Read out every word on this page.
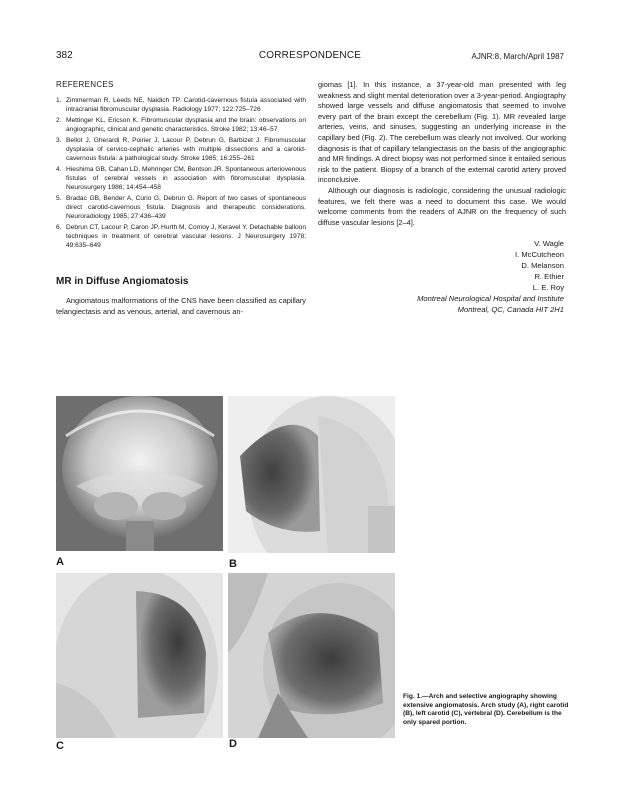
382	CORRESPONDENCE	AJNR:8, March/April 1987
REFERENCES
1. Zimmerman R, Leeds NE, Naidich TP. Carotid-cavernous fistula associated with intracranial fibromuscular dysplasia. Radiology 1977; 122:725–726
2. Mettinger KL, Ericson K. Fibromuscular dysplasia and the brain: observations on angiographic, clinical and genetic characteristics. Stroke 1982; 13:46–57
3. Bellot J, Gherardi R, Poirier J, Lacour P, Debrun G, Barbizet J. Fibromuscular dysplasia of cervico-cephalic arteries with multiple dissections and a carotid-cavernous fistula: a pathological study. Stroke 1985; 16:255–261
4. Hieshima GB, Cahan LD, Mehringer CM, Bentson JR. Spontaneous arteriovenous fistulas of cerebral vessels in association with fibromuscular dysplasia. Neurosurgery 1986; 14:454–458
5. Bradac GB, Bender A, Curio G, Debrun G. Report of two cases of spontaneous direct carotid-cavernous fistula. Diagnosis and therapeutic considerations. Neuroradiology 1985; 27:436–439
6. Debrun CT, Lacour P, Caron JP, Hurth M, Comoy J, Keravel Y. Detachable balloon techniques in treatment of cerebral vascular lesions. J Neurosurgery 1978; 49:635–649
MR in Diffuse Angiomatosis

Angiomatous malformations of the CNS have been classified as capillary telangiectasis and as venous, arterial, and cavernous an-

giomas [1]. In this instance, a 37-year-old man presented with leg weakness and slight mental deterioration over a 3-year-period. Angiography showed large vessels and diffuse angiomatosis that seemed to involve every part of the brain except the cerebellum (Fig. 1). MR revealed large arteries, veins, and sinuses, suggesting an underlying increase in the capillary bed (Fig. 2). The cerebellum was clearly not involved. Our working diagnosis is that of capillary telangiectasis on the basis of the angiographic and MR findings. A direct biopsy was not performed since it entailed serious risk to the patient. Biopsy of a branch of the external carotid artery proved inconclusive.

Although our diagnosis is radiologic, considering the unusual radiologic features, we felt there was a need to document this case. We would welcome comments from the readers of AJNR on the frequency of such diffuse vascular lesions [2–4].

V. Wagle
I. McCutcheon
D. Melanson
R. Ethier
L. E. Roy
Montreal Neurological Hospital and Institute
Montreal, QC, Canada HIT 2H1
A	B
C	D

Fig. 1.—Arch and selective angiography showing extensive angiomatosis. Arch study (A), right carotid (B), left carotid (C), vertebral (D). Cerebellum is the only spared portion.
